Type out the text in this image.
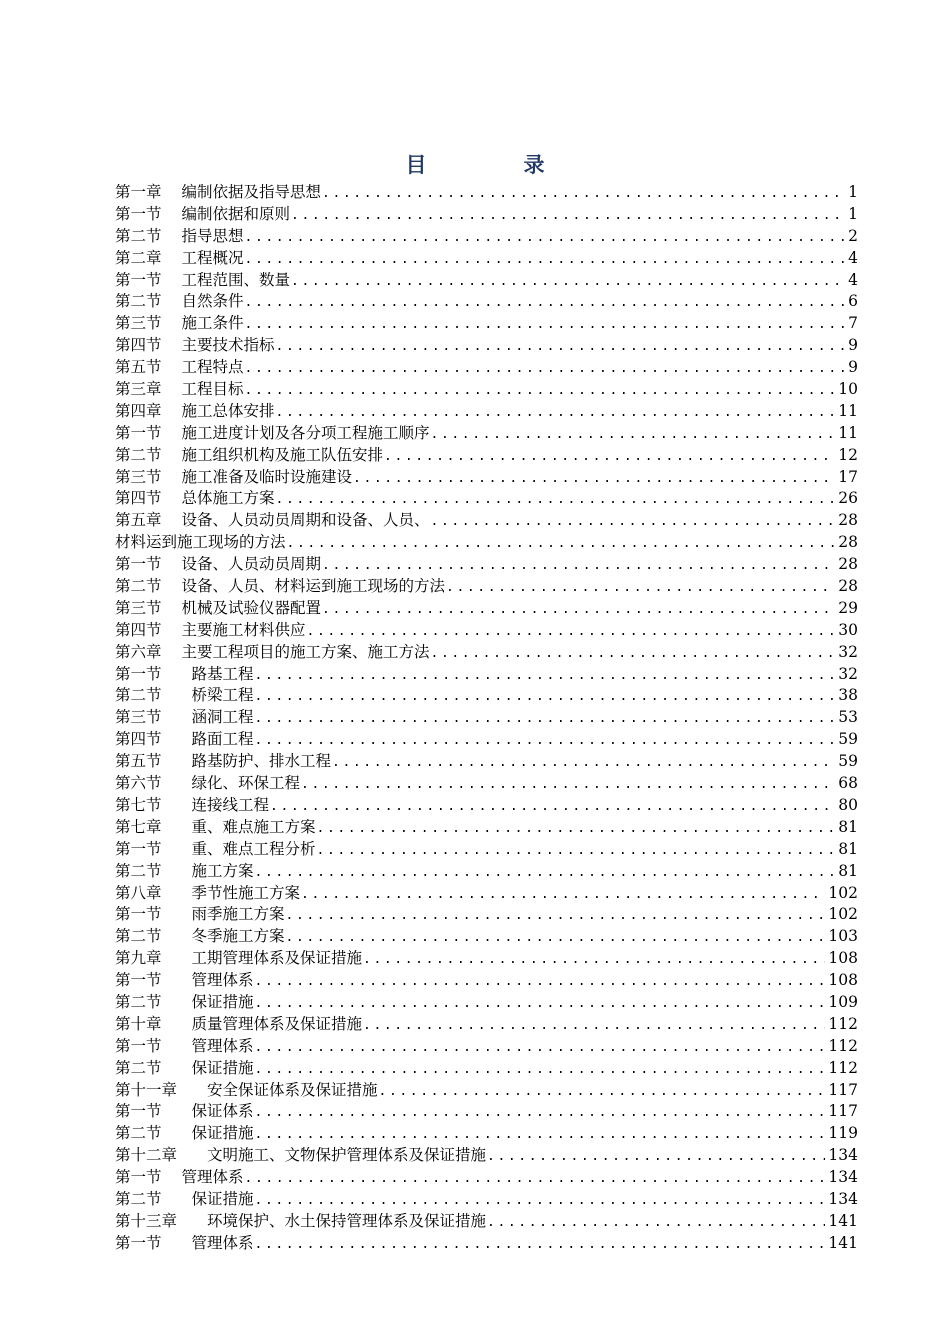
目　录
第一章 编制依据及指导思想 .....	1
第一节 编制依据和原则 .....	1
第二节 指导思想 .....	2
第二章 工程概况 .....	4
第一节 工程范围、数量 .....	4
第二节 自然条件 .....	6
第三节 施工条件 .....	7
第四节 主要技术指标 .....	9
第五节 工程特点 .....	9
第三章 工程目标 .....	10
第四章 施工总体安排 .....	11
第一节 施工进度计划及各分项工程施工顺序 .....	11
第二节 施工组织机构及施工队伍安排 .....	12
第三节 施工准备及临时设施建设 .....	17
第四节 总体施工方案 .....	26
第五章 设备、人员动员周期和设备、人员、 .....	28
材料运到施工现场的方法 .....	28
第一节 设备、人员动员周期 .....	28
第二节 设备、人员、材料运到施工现场的方法 .....	28
第三节 机械及试验仪器配置 .....	29
第四节 主要施工材料供应 .....	30
第六章 主要工程项目的施工方案、施工方法 .....	32
第一节 路基工程 .....	32
第二节 桥梁工程 .....	38
第三节 涵洞工程 .....	53
第四节 路面工程 .....	59
第五节 路基防护、排水工程 .....	59
第六节 绿化、环保工程 .....	68
第七节 连接线工程 .....	80
第七章 重、难点施工方案 .....	81
第一节 重、难点工程分析 .....	81
第二节 施工方案 .....	81
第八章 季节性施工方案 .....	102
第一节 雨季施工方案 .....	102
第二节 冬季施工方案 .....	103
第九章 工期管理体系及保证措施 .....	108
第一节 管理体系 .....	108
第二节 保证措施 .....	109
第十章 质量管理体系及保证措施 .....	112
第一节 管理体系 .....	112
第二节 保证措施 .....	112
第十一章 安全保证体系及保证措施 .....	117
第一节 保证体系 .....	117
第二节 保证措施 .....	119
第十二章 文明施工、文物保护管理体系及保证措施 .....	134
第一节 管理体系 .....	134
第二节 保证措施 .....	134
第十三章 环境保护、水土保持管理体系及保证措施 .....	141
第一节 管理体系 .....	141
